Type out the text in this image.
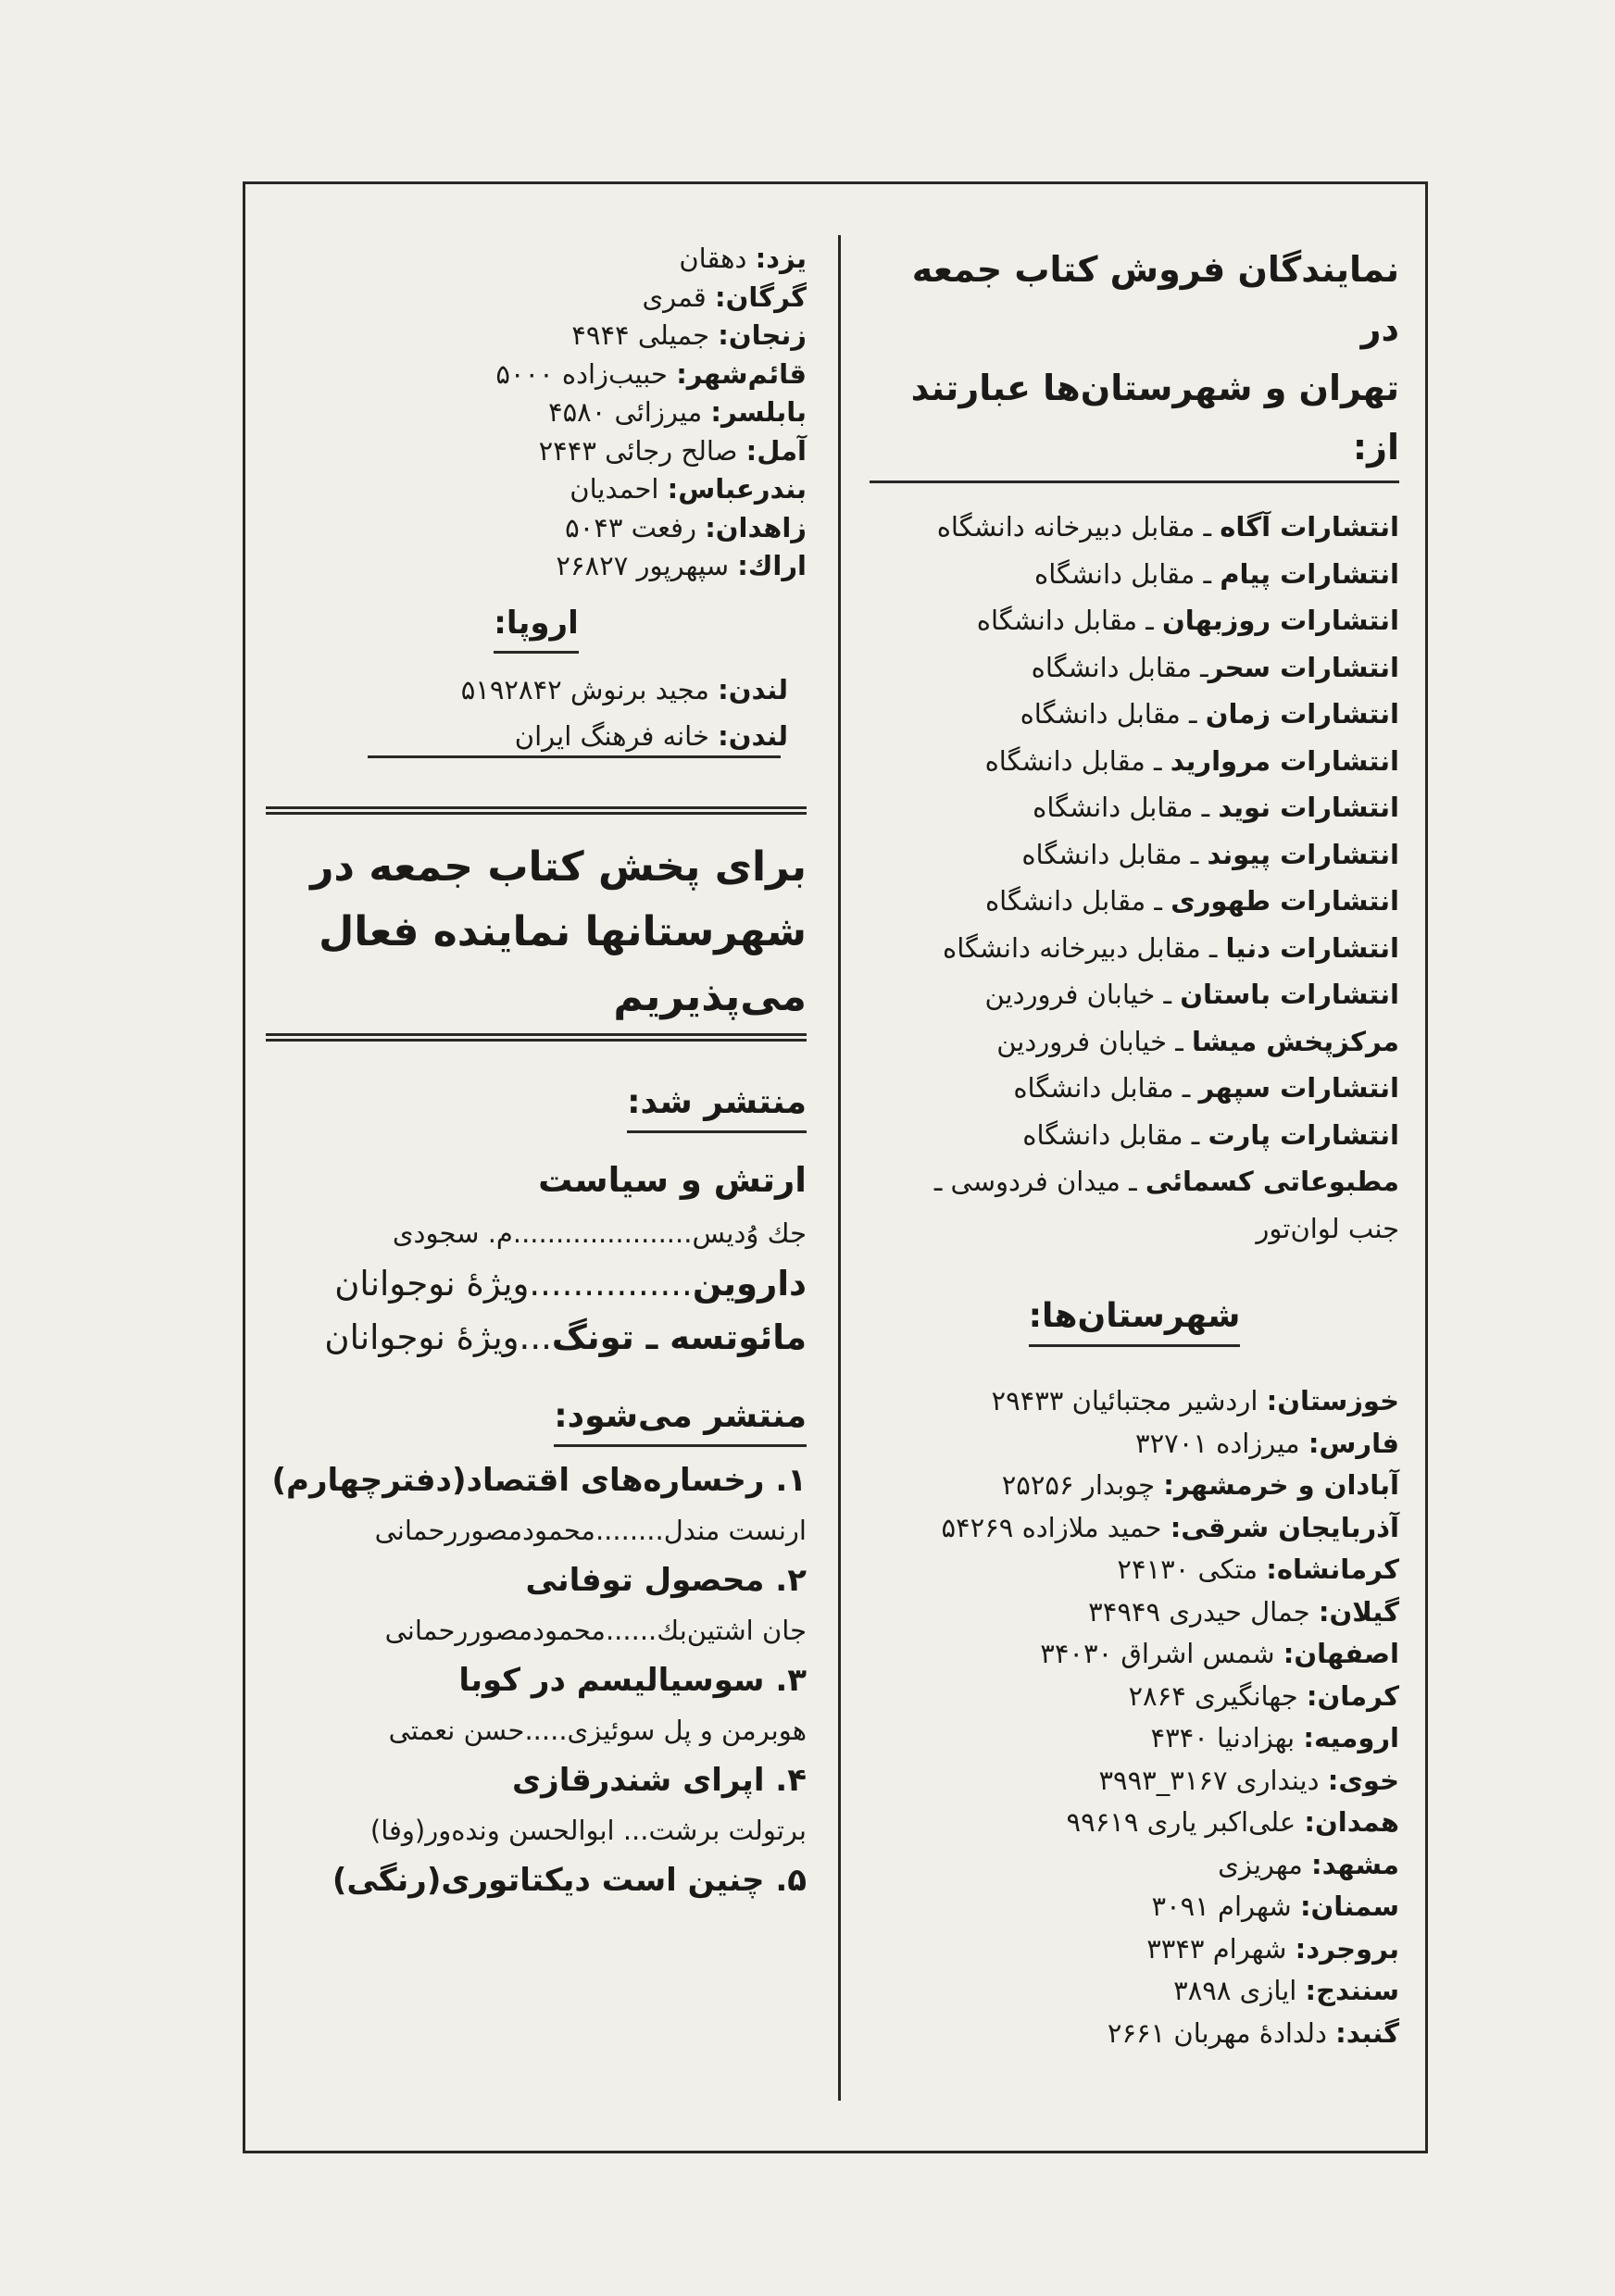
نمایندگان فروش کتاب جمعه در
تهران و شهرستان‌ها عبارتند از:
انتشارات آگاه ـ مقابل دبیرخانه دانشگاه
انتشارات پیام ـ مقابل دانشگاه
انتشارات روزبهان ـ مقابل دانشگاه
انتشارات سحرـ مقابل دانشگاه
انتشارات زمان ـ مقابل دانشگاه
انتشارات مروارید ـ مقابل دانشگاه
انتشارات نوید ـ مقابل دانشگاه
انتشارات پیوند ـ مقابل دانشگاه
انتشارات طهوری ـ مقابل دانشگاه
انتشارات دنیا ـ مقابل دبیرخانه دانشگاه
انتشارات باستان ـ خیابان فروردین
مرکزپخش میشا ـ خیابان فروردین
انتشارات سپهر ـ مقابل دانشگاه
انتشارات پارت ـ مقابل دانشگاه
مطبوعاتی کسمائی ـ میدان فردوسی ـ
جنب لوان‌تور
شهرستان‌ها:
خوزستان: اردشیر مجتبائیان ۲۹۴۳۳
فارس: میرزاده ۳۲۷۰۱
آبادان و خرمشهر: چوبدار ۲۵۲۵۶
آذربایجان شرقی: حمید ملازاده ۵۴۲۶۹
کرمانشاه: متکی ۲۴۱۳۰
گیلان: جمال حیدری ۳۴۹۴۹
اصفهان: شمس اشراق ۳۴۰۳۰
کرمان: جهانگیری ۲۸۶۴
ارومیه: بهزادنیا ۴۳۴۰
خوی: دینداری ۳۱۶۷_۳۹۹۳
همدان: علی‌اکبر یاری ۹۹۶۱۹
مشهد: مهریزی
سمنان: شهرام ۳۰۹۱
بروجرد: شهرام ۳۳۴۳
سنندج: ایازی ۳۸۹۸
گنبد: دلدادهٔ مهربان ۲۶۶۱
یزد: دهقان
گرگان: قمری
زنجان: جمیلی ۴۹۴۴
قائم‌شهر: حبیب‌زاده ۵۰۰۰
بابلسر: میرزائی ۴۵۸۰
آمل: صالح رجائی ۲۴۴۳
بندرعباس: احمدیان
زاهدان: رفعت ۵۰۴۳
اراك: سپهرپور ۲۶۸۲۷
اروپا:
لندن: مجید برنوش ۵۱۹۲۸۴۲
لندن: خانه فرهنگ ایران
برای پخش کتاب جمعه در
شهرستانها نماینده فعال
می‌پذیریم
منتشر شد:
ارتش و سیاست
جك وُدیس.....................م. سجودی
داروین...............ویژهٔ نوجوانان
مائوتسه ـ تونگ...ویژهٔ نوجوانان
منتشر می‌شود:
۱. رخساره‌های اقتصاد(دفترچهارم)
ارنست مندل........محمودمصوررحمانی
۲. محصول توفانی
جان اشتین‌بك......محمودمصوررحمانی
۳. سوسیالیسم در کوبا
هوبرمن و پل سوئیزی.....حسن نعمتی
۴. اپرای شندرقازی
برتولت برشت... ابوالحسن ونده‌ور(وفا)
۵. چنین است دیکتاتوری(رنگی)
